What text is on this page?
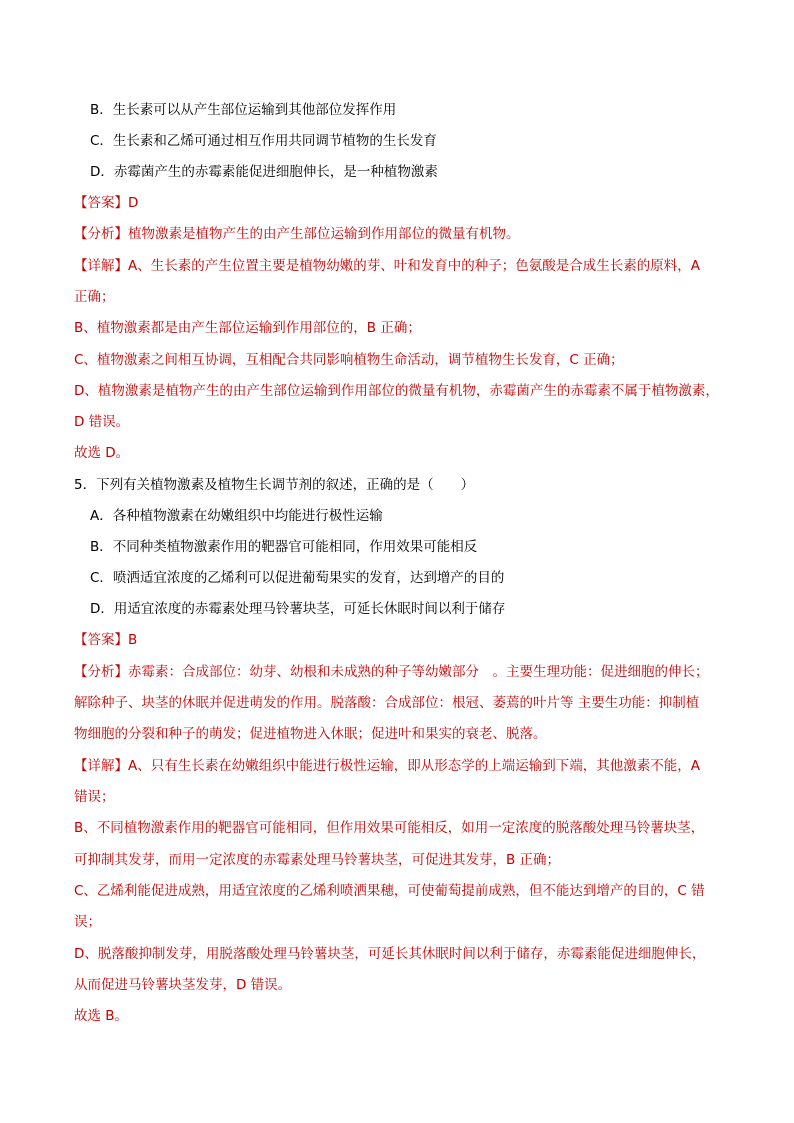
B．生长素可以从产生部位运输到其他部位发挥作用
C．生长素和乙烯可通过相互作用共同调节植物的生长发育
D．赤霉菌产生的赤霉素能促进细胞伸长，是一种植物激素
【答案】D
【分析】植物激素是植物产生的由产生部位运输到作用部位的微量有机物。
【详解】A、生长素的产生位置主要是植物幼嫩的芽、叶和发育中的种子；色氨酸是合成生长素的原料，A
正确；
B、植物激素都是由产生部位运输到作用部位的，B 正确；
C、植物激素之间相互协调，互相配合共同影响植物生命活动，调节植物生长发育，C 正确；
D、植物激素是植物产生的由产生部位运输到作用部位的微量有机物，赤霉菌产生的赤霉素不属于植物激素，
D 错误。
故选 D。
5．下列有关植物激素及植物生长调节剂的叙述，正确的是（　　）
A．各种植物激素在幼嫩组织中均能进行极性运输
B．不同种类植物激素作用的靶器官可能相同，作用效果可能相反
C．喷洒适宜浓度的乙烯利可以促进葡萄果实的发育，达到增产的目的
D．用适宜浓度的赤霉素处理马铃薯块茎，可延长休眠时间以利于储存
【答案】B
【分析】赤霉素：合成部位：幼芽、幼根和未成熟的种子等幼嫩部分　。主要生理功能：促进细胞的伸长；
解除种子、块茎的休眠并促进萌发的作用。脱落酸：合成部位：根冠、萎蔫的叶片等 主要生功能：抑制植
物细胞的分裂和种子的萌发；促进植物进入休眠；促进叶和果实的衰老、脱落。
【详解】A、只有生长素在幼嫩组织中能进行极性运输，即从形态学的上端运输到下端，其他激素不能，A
错误；
B、不同植物激素作用的靶器官可能相同，但作用效果可能相反，如用一定浓度的脱落酸处理马铃薯块茎，
可抑制其发芽，而用一定浓度的赤霉素处理马铃薯块茎，可促进其发芽，B 正确；
C、乙烯利能促进成熟，用适宜浓度的乙烯利喷洒果穗，可使葡萄提前成熟，但不能达到增产的目的，C 错
误；
D、脱落酸抑制发芽，用脱落酸处理马铃薯块茎，可延长其休眠时间以利于储存，赤霉素能促进细胞伸长，
从而促进马铃薯块茎发芽，D 错误。
故选 B。
